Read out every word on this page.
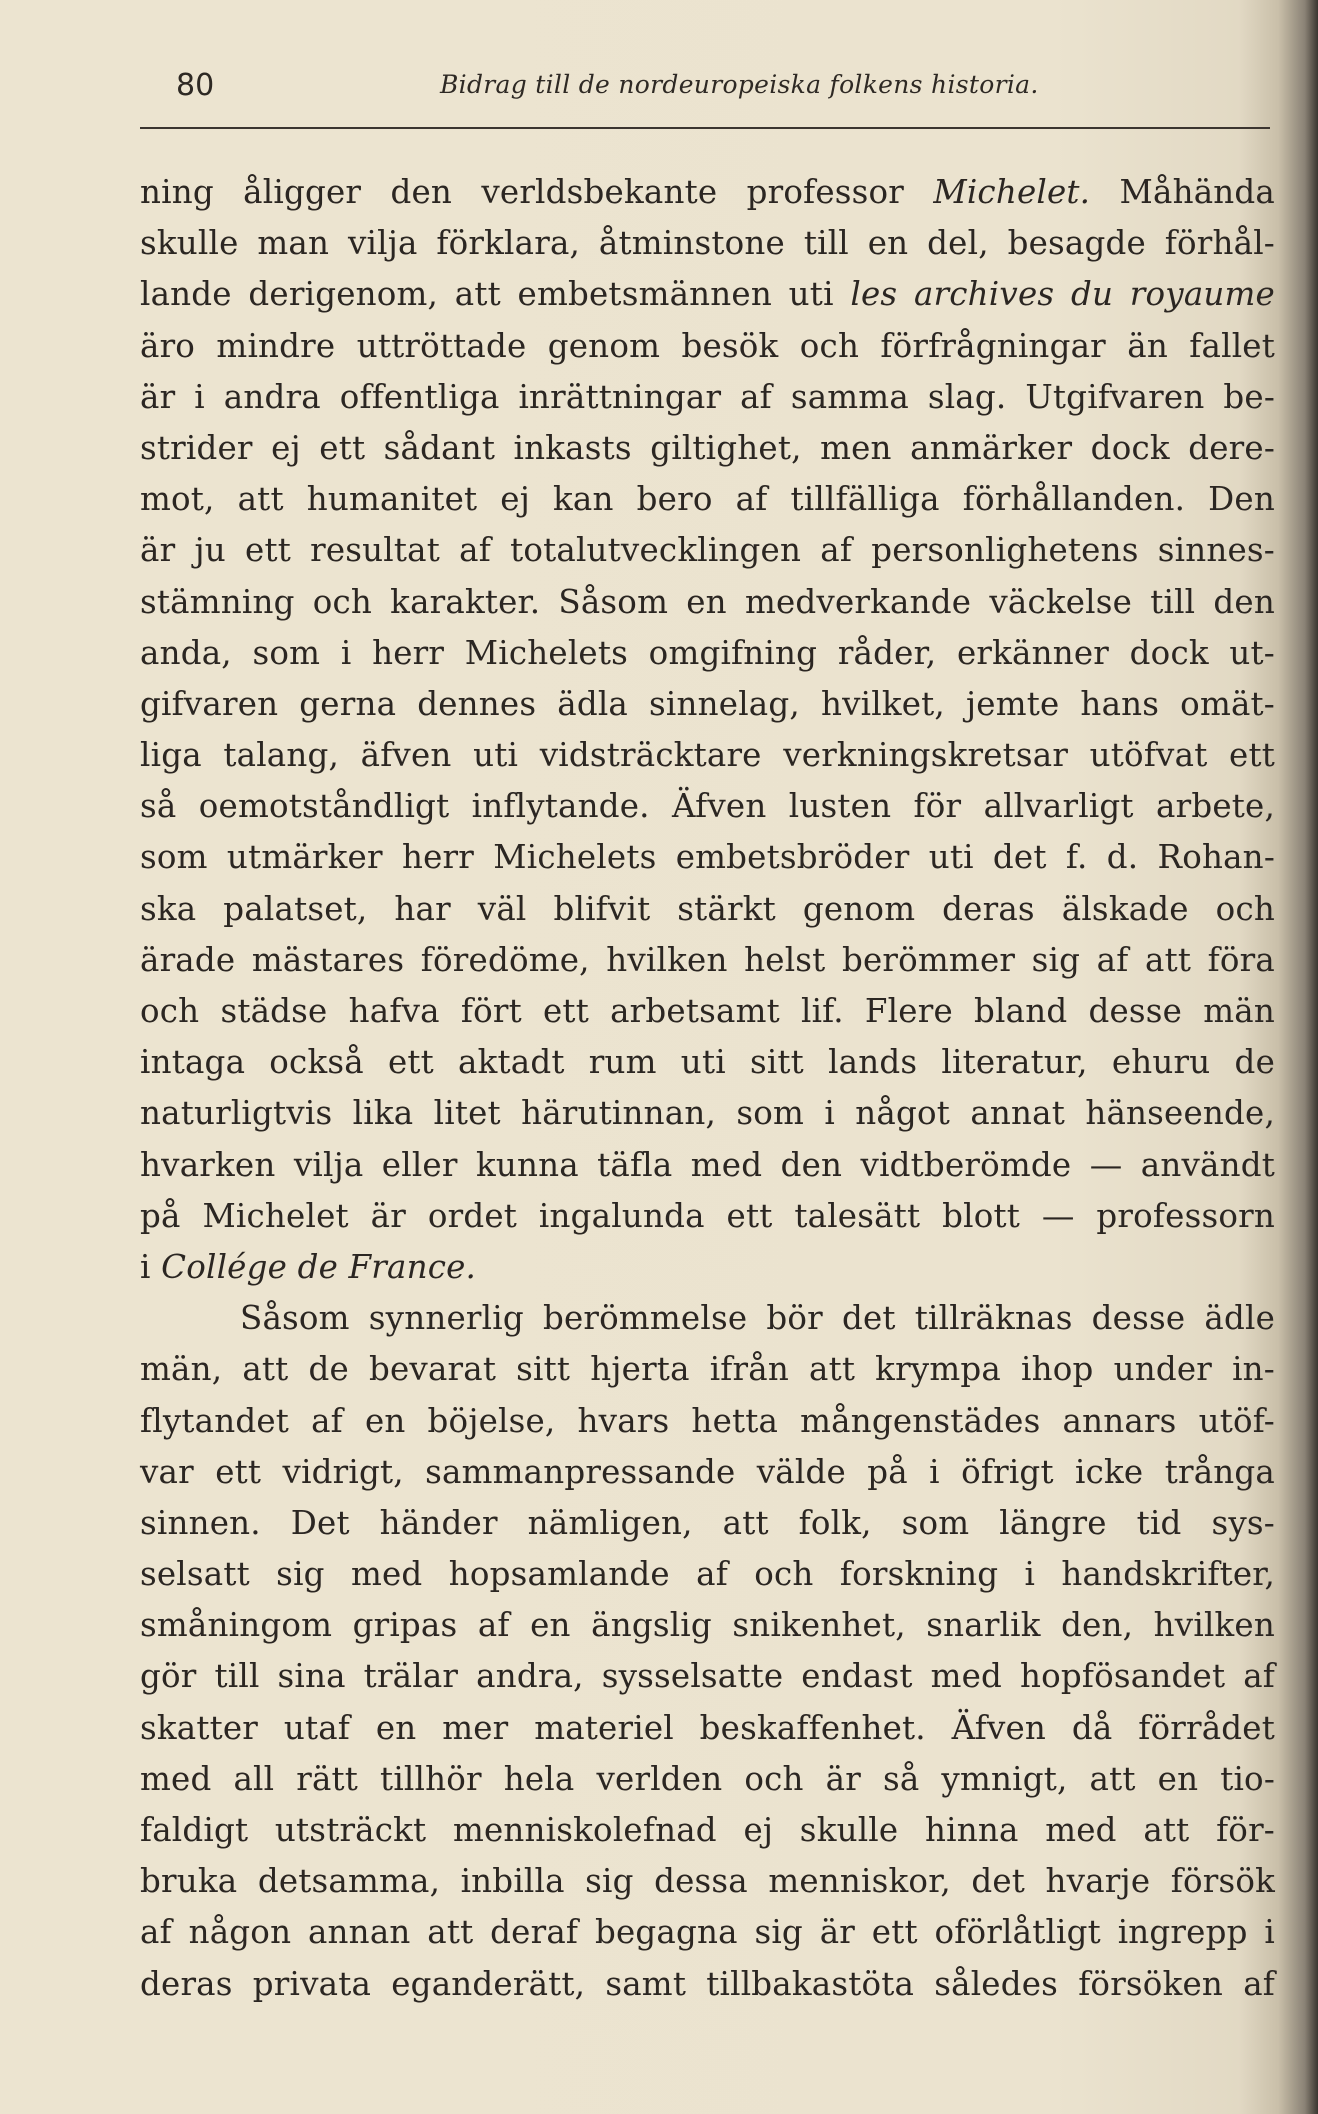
80	Bidrag till de nordeuropeiska folkens historia.
ning åligger den verldsbekante professor Michelet. Måhända
skulle man vilja förklara, åtminstone till en del, besagde förhål-
lande derigenom, att embetsmännen uti les archives du royaume
äro mindre uttröttade genom besök och förfrågningar än fallet
är i andra offentliga inrättningar af samma slag. Utgifvaren be-
strider ej ett sådant inkasts giltighet, men anmärker dock dere-
mot, att humanitet ej kan bero af tillfälliga förhållanden. Den
är ju ett resultat af totalutvecklingen af personlighetens sinnes-
stämning och karakter. Såsom en medverkande väckelse till den
anda, som i herr Michelets omgifning råder, erkänner dock ut-
gifvaren gerna dennes ädla sinnelag, hvilket, jemte hans omät-
liga talang, äfven uti vidsträcktare verkningskretsar utöfvat ett
så oemotståndligt inflytande. Äfven lusten för allvarligt arbete,
som utmärker herr Michelets embetsbröder uti det f. d. Rohan-
ska palatset, har väl blifvit stärkt genom deras älskade och
ärade mästares föredöme, hvilken helst berömmer sig af att föra
och städse hafva fört ett arbetsamt lif. Flere bland desse män
intaga också ett aktadt rum uti sitt lands literatur, ehuru de
naturligtvis lika litet härutinnan, som i något annat hänseende,
hvarken vilja eller kunna täfla med den vidtberömde — användt
på Michelet är ordet ingalunda ett talesätt blott — professorn
i Collége de France.
Såsom synnerlig berömmelse bör det tillräknas desse ädle
män, att de bevarat sitt hjerta ifrån att krympa ihop under in-
flytandet af en böjelse, hvars hetta mångenstädes annars utöf-
var ett vidrigt, sammanpressande välde på i öfrigt icke trånga
sinnen. Det händer nämligen, att folk, som längre tid sys-
selsatt sig med hopsamlande af och forskning i handskrifter,
småningom gripas af en ängslig snikenhet, snarlik den, hvilken
gör till sina trälar andra, sysselsatte endast med hopfösandet af
skatter utaf en mer materiel beskaffenhet. Äfven då förrådet
med all rätt tillhör hela verlden och är så ymnigt, att en tio-
faldigt utsträckt menniskolefnad ej skulle hinna med att för-
bruka detsamma, inbilla sig dessa menniskor, det hvarje försök
af någon annan att deraf begagna sig är ett oförlåtligt ingrepp i
deras privata eganderätt, samt tillbakastöta således försöken af
